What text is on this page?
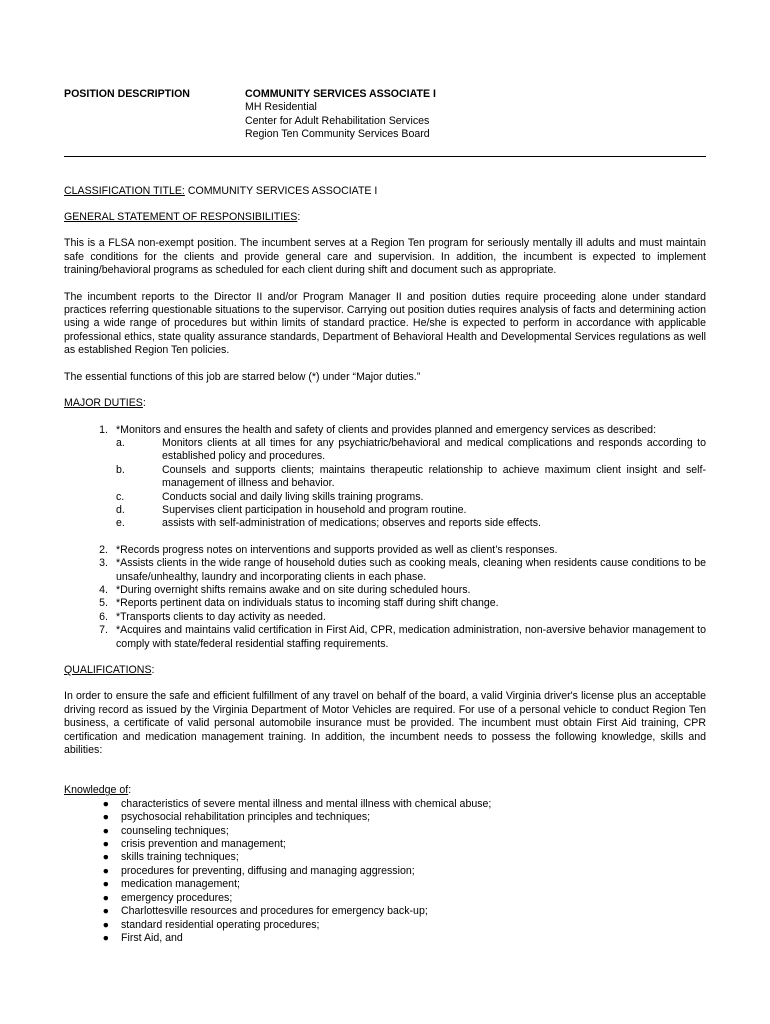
POSITION DESCRIPTION	COMMUNITY SERVICES ASSOCIATE I
MH Residential
Center for Adult Rehabilitation Services
Region Ten Community Services Board
CLASSIFICATION TITLE: COMMUNITY SERVICES ASSOCIATE I
GENERAL STATEMENT OF RESPONSIBILITIES:

This is a FLSA non-exempt position. The incumbent serves at a Region Ten program for seriously mentally ill adults and must maintain safe conditions for the clients and provide general care and supervision. In addition, the incumbent is expected to implement training/behavioral programs as scheduled for each client during shift and document such as appropriate.

The incumbent reports to the Director II and/or Program Manager II and position duties require proceeding alone under standard practices referring questionable situations to the supervisor. Carrying out position duties requires analysis of facts and determining action using a wide range of procedures but within limits of standard practice. He/she is expected to perform in accordance with applicable professional ethics, state quality assurance standards, Department of Behavioral Health and Developmental Services regulations as well as established Region Ten policies.

The essential functions of this job are starred below (*) under “Major duties.”

MAJOR DUTIES:
1. *Monitors and ensures the health and safety of clients and provides planned and emergency services as described:
a.	Monitors clients at all times for any psychiatric/behavioral and medical complications and responds according to established policy and procedures.
b.	Counsels and supports clients; maintains therapeutic relationship to achieve maximum client insight and self-management of illness and behavior.
c.	Conducts social and daily living skills training programs.
d.	Supervises client participation in household and program routine.
e.	assists with self-administration of medications; observes and reports side effects.
2. *Records progress notes on interventions and supports provided as well as client’s responses.
3. *Assists clients in the wide range of household duties such as cooking meals, cleaning when residents cause conditions to be unsafe/unhealthy, laundry and incorporating clients in each phase.
4. *During overnight shifts remains awake and on site during scheduled hours.
5. *Reports pertinent data on individuals status to incoming staff during shift change.
6. *Transports clients to day activity as needed.
7. *Acquires and maintains valid certification in First Aid, CPR, medication administration, non-aversive behavior management to comply with state/federal residential staffing requirements.
QUALIFICATIONS:

In order to ensure the safe and efficient fulfillment of any travel on behalf of the board, a valid Virginia driver's license plus an acceptable driving record as issued by the Virginia Department of Motor Vehicles are required. For use of a personal vehicle to conduct Region Ten business, a certificate of valid personal automobile insurance must be provided. The incumbent must obtain First Aid training, CPR certification and medication management training. In addition, the incumbent needs to possess the following knowledge, skills and abilities:

Knowledge of:
●	characteristics of severe mental illness and mental illness with chemical abuse;
●	psychosocial rehabilitation principles and techniques;
●	counseling techniques;
●	crisis prevention and management;
●	skills training techniques;
●	procedures for preventing, diffusing and managing aggression;
●	medication management;
●	emergency procedures;
●	Charlottesville resources and procedures for emergency back-up;
●	standard residential operating procedures;
●	First Aid, and
